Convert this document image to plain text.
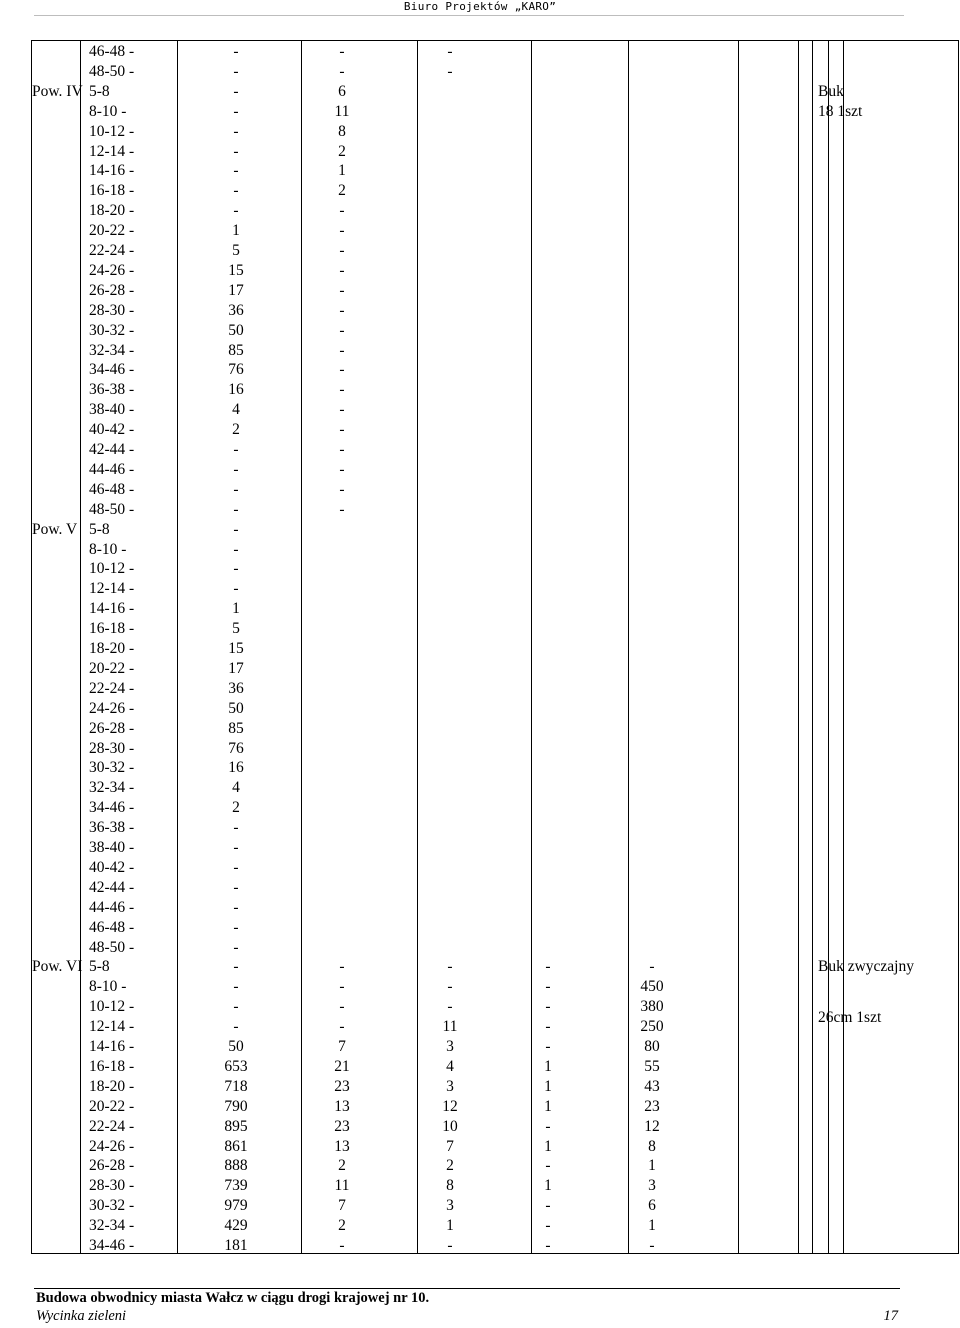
Biuro Projektów „KARO”
Pow. IV	Buk
18 1szt
46-48 -	-	-	-
48-50 -	-	-	-
5-8	-	6
8-10 -	-	11
10-12 -	-	8
12-14 -	-	2
14-16 -	-	1
16-18 -	-	2
18-20 -	-	-
20-22 -	1	-
22-24 -	5	-
24-26 -	15	-
26-28 -	17	-
28-30 -	36	-
30-32 -	50	-
32-34 -	85	-
34-46 -	76	-
36-38 -	16	-
38-40 -	4	-
40-42 -	2	-
42-44 -	-	-
44-46 -	-	-
46-48 -	-	-
48-50 -	-	-
Pow. V 5-8	-
8-10 -	-
10-12 -	-
12-14 -	-
14-16 -	1
16-18 -	5
18-20 -	15
20-22 -	17
22-24 -	36
24-26 -	50
26-28 -	85
28-30 -	76
30-32 -	16
32-34 -	4
34-46 -	2
36-38 -	-
38-40 -	-
40-42 -	-
42-44 -	-
44-46 -	-
46-48 -	-
48-50 -	-
Pow. VI	Buk zwyczajny
26cm 1szt
5-8	-	-	-	-	-
8-10 -	-	-	-	-	450
10-12 -	-	-	-	-	380
12-14 -	-	-	11	-	250
14-16 -	50	7	3	-	80
16-18 -	653	21	4	1	55
18-20 -	718	23	3	1	43
20-22 -	790	13	12	1	23
22-24 -	895	23	10	-	12
24-26 -	861	13	7	1	8
26-28 -	888	2	2	-	1
28-30 -	739	11	8	1	3
30-32 -	979	7	3	-	6
32-34 -	429	2	1	-	1
34-46 -	181	-	-	-	-
Budowa obwodnicy miasta Wałcz w ciągu drogi krajowej nr 10.
Wycinka zieleni	17
